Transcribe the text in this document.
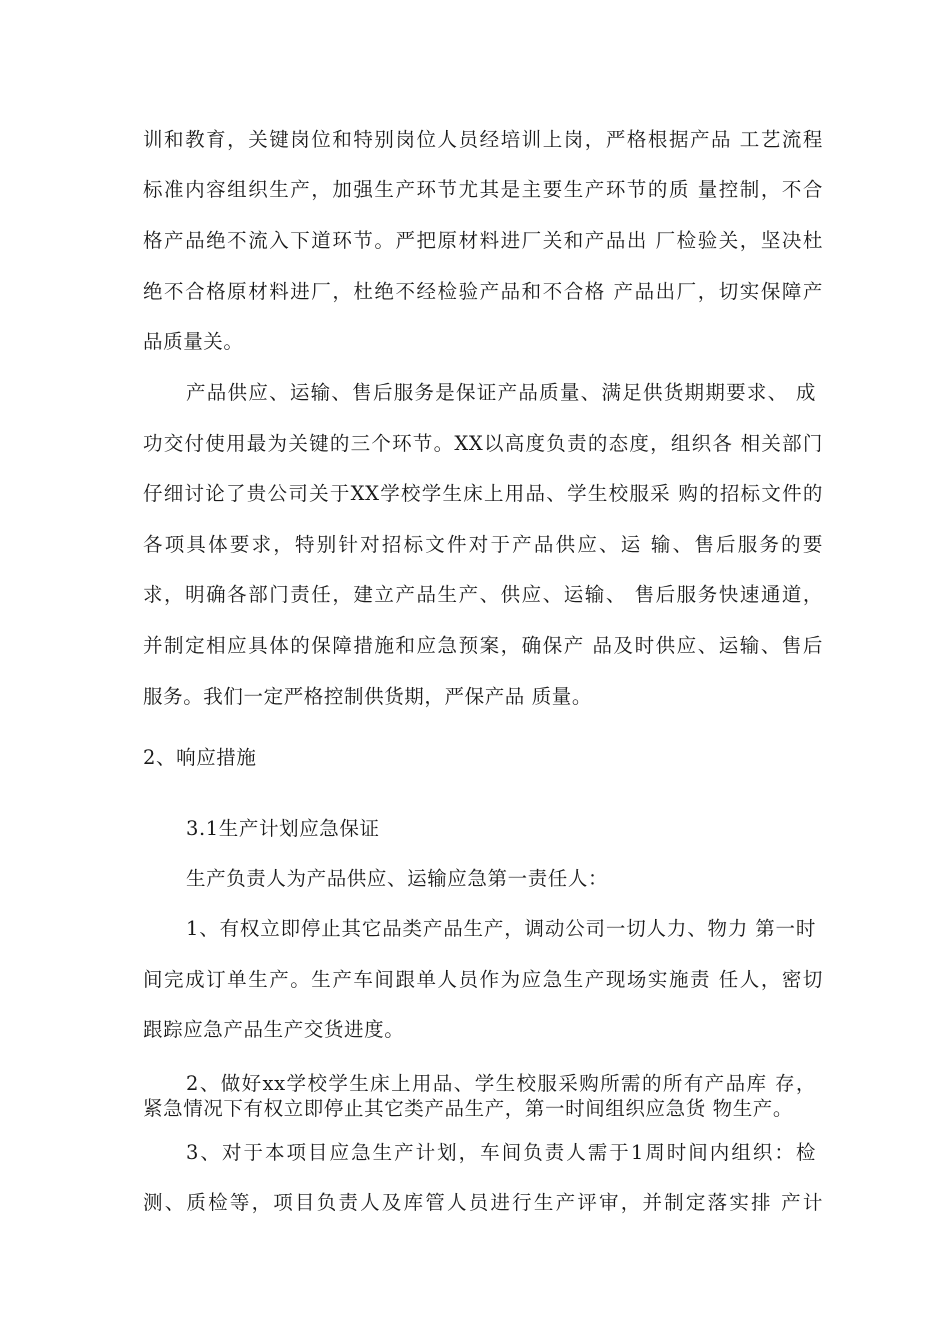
训和教育，关键岗位和特别岗位人员经培训上岗，严格根据产品 工艺流程
标准内容组织生产，加强生产环节尤其是主要生产环节的质 量控制，不合
格产品绝不流入下道环节。严把原材料进厂关和产品出 厂检验关，坚决杜
绝不合格原材料进厂，杜绝不经检验产品和不合格 产品出厂，切实保障产
品质量关。
产品供应、运输、售后服务是保证产品质量、满足供货期期要求、 成
功交付使用最为关键的三个环节。XX以高度负责的态度，组织各 相关部门
仔细讨论了贵公司关于XX学校学生床上用品、学生校服采 购的招标文件的
各项具体要求，特别针对招标文件对于产品供应、运 输、售后服务的要
求，明确各部门责任，建立产品生产、供应、运输、 售后服务快速通道，
并制定相应具体的保障措施和应急预案，确保产 品及时供应、运输、售后
服务。我们一定严格控制供货期，严保产品 质量。
2、响应措施
3.1生产计划应急保证
生产负责人为产品供应、运输应急第一责任人：
1、有权立即停止其它品类产品生产，调动公司一切人力、物力 第一时
间完成订单生产。生产车间跟单人员作为应急生产现场实施责 任人，密切
跟踪应急产品生产交货进度。
2、做好xx学校学生床上用品、学生校服采购所需的所有产品库 存，
紧急情况下有权立即停止其它类产品生产，第一时间组织应急货 物生产。
3、对于本项目应急生产计划，车间负责人需于1周时间内组织：检
测、质检等，项目负责人及库管人员进行生产评审，并制定落实排 产计
